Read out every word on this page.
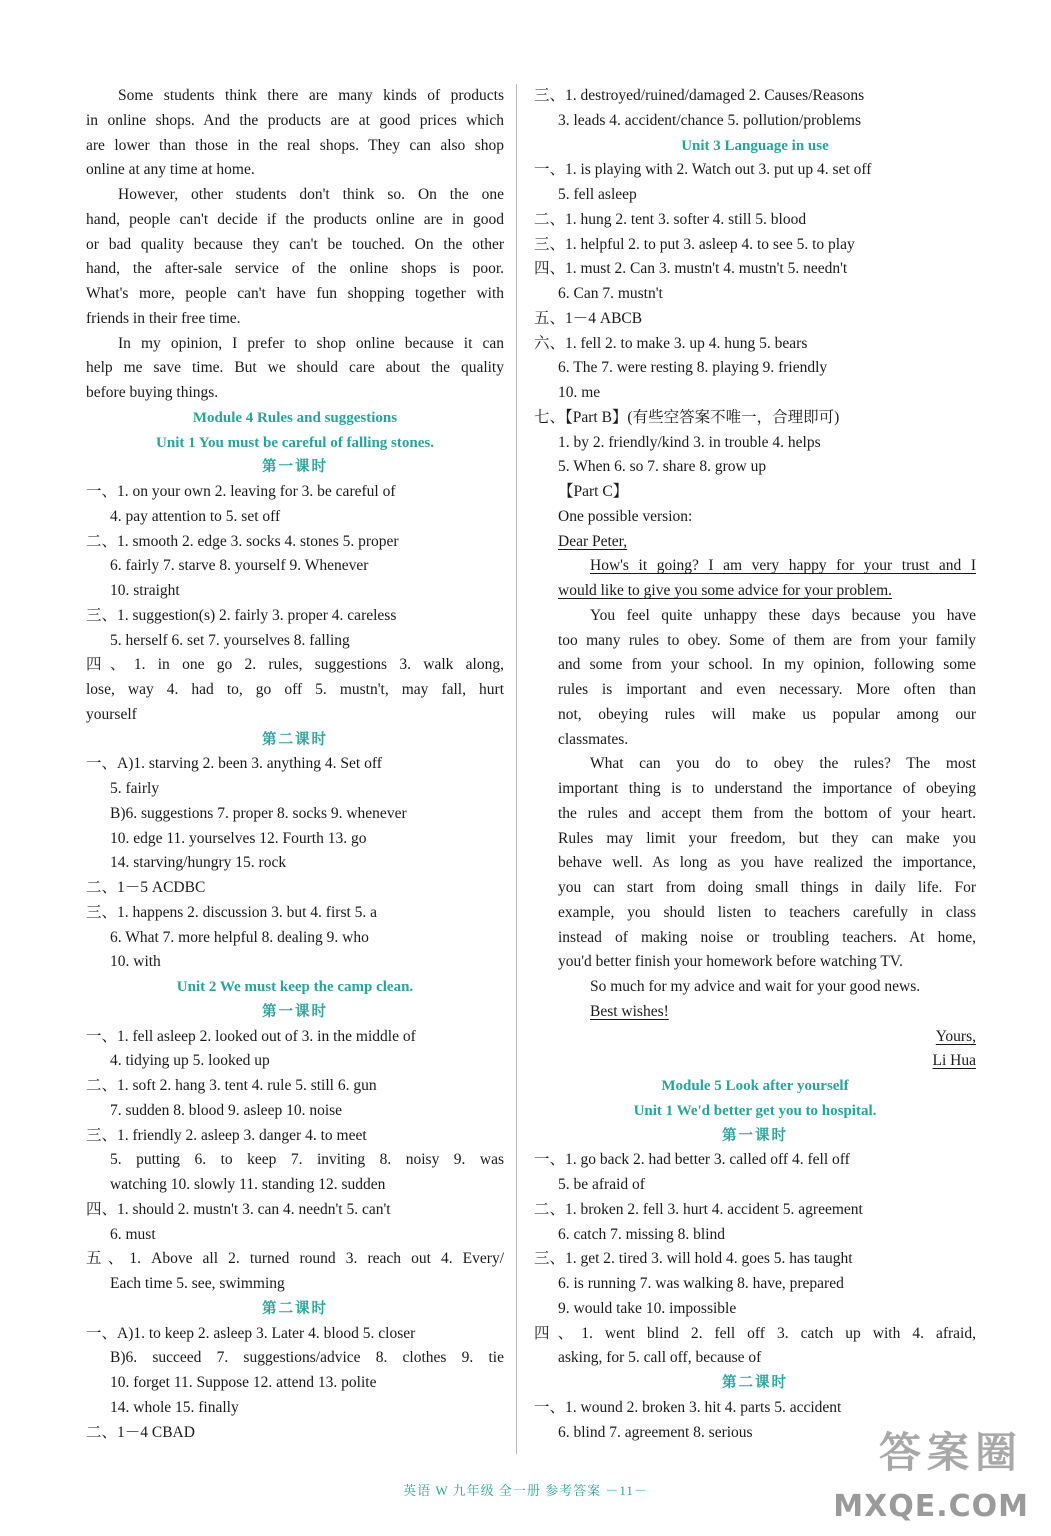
Some students think there are many kinds of products
in online shops. And the products are at good prices which
are lower than those in the real shops. They can also shop
online at any time at home.
However, other students don't think so. On the one
hand, people can't decide if the products online are in good
or bad quality because they can't be touched. On the other
hand, the after-sale service of the online shops is poor.
What's more, people can't have fun shopping together with
friends in their free time.
In my opinion, I prefer to shop online because it can
help me save time. But we should care about the quality
before buying things.
Module 4 Rules and suggestions
Unit 1 You must be careful of falling stones.
第一课时
一、1. on your own 2. leaving for 3. be careful of
4. pay attention to 5. set off
二、1. smooth 2. edge 3. socks 4. stones 5. proper
6. fairly 7. starve 8. yourself 9. Whenever
10. straight
三、1. suggestion(s) 2. fairly 3. proper 4. careless
5. herself 6. set 7. yourselves 8. falling
四、1. in one go 2. rules, suggestions 3. walk along,
lose, way 4. had to, go off 5. mustn't, may fall, hurt
yourself
第二课时
一、A)1. starving 2. been 3. anything 4. Set off
5. fairly
B)6. suggestions 7. proper 8. socks 9. whenever
10. edge 11. yourselves 12. Fourth 13. go
14. starving/hungry 15. rock
二、1－5 ACDBC
三、1. happens 2. discussion 3. but 4. first 5. a
6. What 7. more helpful 8. dealing 9. who
10. with
Unit 2 We must keep the camp clean.
第一课时
一、1. fell asleep 2. looked out of 3. in the middle of
4. tidying up 5. looked up
二、1. soft 2. hang 3. tent 4. rule 5. still 6. gun
7. sudden 8. blood 9. asleep 10. noise
三、1. friendly 2. asleep 3. danger 4. to meet
5. putting 6. to keep 7. inviting 8. noisy 9. was
watching 10. slowly 11. standing 12. sudden
四、1. should 2. mustn't 3. can 4. needn't 5. can't
6. must
五、1. Above all 2. turned round 3. reach out 4. Every/
Each time 5. see, swimming
第二课时
一、A)1. to keep 2. asleep 3. Later 4. blood 5. closer
B)6. succeed 7. suggestions/advice 8. clothes 9. tie
10. forget 11. Suppose 12. attend 13. polite
14. whole 15. finally
二、1－4 CBAD
三、1. destroyed/ruined/damaged 2. Causes/Reasons
3. leads 4. accident/chance 5. pollution/problems
Unit 3 Language in use
一、1. is playing with 2. Watch out 3. put up 4. set off
5. fell asleep
二、1. hung 2. tent 3. softer 4. still 5. blood
三、1. helpful 2. to put 3. asleep 4. to see 5. to play
四、1. must 2. Can 3. mustn't 4. mustn't 5. needn't
6. Can 7. mustn't
五、1－4 ABCB
六、1. fell 2. to make 3. up 4. hung 5. bears
6. The 7. were resting 8. playing 9. friendly
10. me
七、【Part B】(有些空答案不唯一，合理即可)
1. by 2. friendly/kind 3. in trouble 4. helps
5. When 6. so 7. share 8. grow up
【Part C】
One possible version:
Dear Peter,
How's it going? I am very happy for your trust and I
would like to give you some advice for your problem.
You feel quite unhappy these days because you have
too many rules to obey. Some of them are from your family
and some from your school. In my opinion, following some
rules is important and even necessary. More often than
not, obeying rules will make us popular among our
classmates.
What can you do to obey the rules? The most
important thing is to understand the importance of obeying
the rules and accept them from the bottom of your heart.
Rules may limit your freedom, but they can make you
behave well. As long as you have realized the importance,
you can start from doing small things in daily life. For
example, you should listen to teachers carefully in class
instead of making noise or troubling teachers. At home,
you'd better finish your homework before watching TV.
So much for my advice and wait for your good news.
Best wishes!
Yours,
Li Hua
Module 5 Look after yourself
Unit 1 We'd better get you to hospital.
第一课时
一、1. go back 2. had better 3. called off 4. fell off
5. be afraid of
二、1. broken 2. fell 3. hurt 4. accident 5. agreement
6. catch 7. missing 8. blind
三、1. get 2. tired 3. will hold 4. goes 5. has taught
6. is running 7. was walking 8. have, prepared
9. would take 10. impossible
四、1. went blind 2. fell off 3. catch up with 4. afraid,
asking, for 5. call off, because of
第二课时
一、1. wound 2. broken 3. hit 4. parts 5. accident
6. blind 7. agreement 8. serious
英语 W 九年级 全一册 参考答案 －11－
答案圈
MXQE.COM
